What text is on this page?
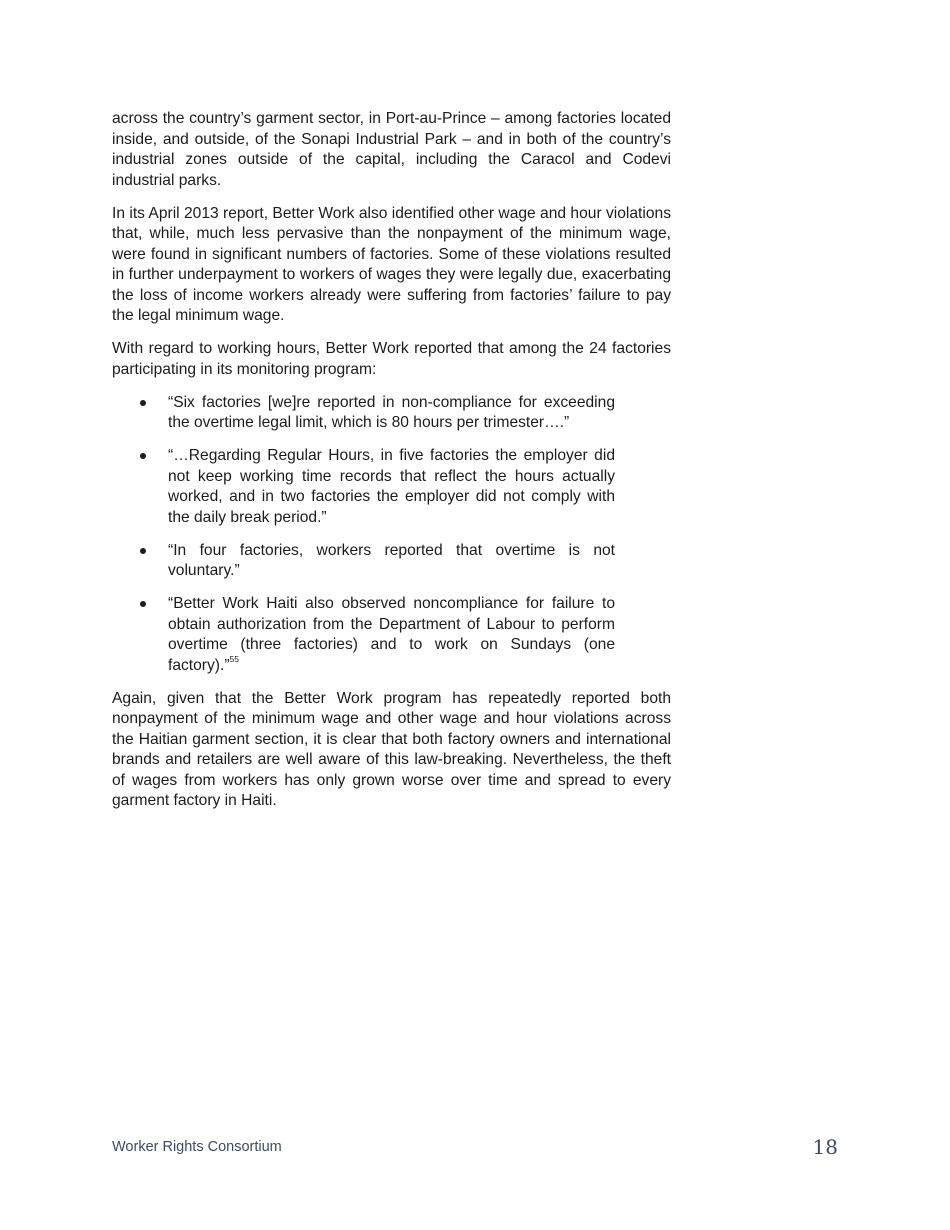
across the country’s garment sector, in Port-au-Prince – among factories located inside, and outside, of the Sonapi Industrial Park – and in both of the country’s industrial zones outside of the capital, including the Caracol and Codevi industrial parks.

In its April 2013 report, Better Work also identified other wage and hour violations that, while, much less pervasive than the nonpayment of the minimum wage, were found in significant numbers of factories. Some of these violations resulted in further underpayment to workers of wages they were legally due, exacerbating the loss of income workers already were suffering from factories’ failure to pay the legal minimum wage.

With regard to working hours, Better Work reported that among the 24 factories participating in its monitoring program:

“Six factories [we]re reported in non-compliance for exceeding the overtime legal limit, which is 80 hours per trimester….”
“…Regarding Regular Hours, in five factories the employer did not keep working time records that reflect the hours actually worked, and in two factories the employer did not comply with the daily break period.”
“In four factories, workers reported that overtime is not voluntary.”
“Better Work Haiti also observed noncompliance for failure to obtain authorization from the Department of Labour to perform overtime (three factories) and to work on Sundays (one factory).”$^{55}$

Again, given that the Better Work program has repeatedly reported both nonpayment of the minimum wage and other wage and hour violations across the Haitian garment section, it is clear that both factory owners and international brands and retailers are well aware of this law-breaking. Nevertheless, the theft of wages from workers has only grown worse over time and spread to every garment factory in Haiti.

Worker Rights Consortium	18
